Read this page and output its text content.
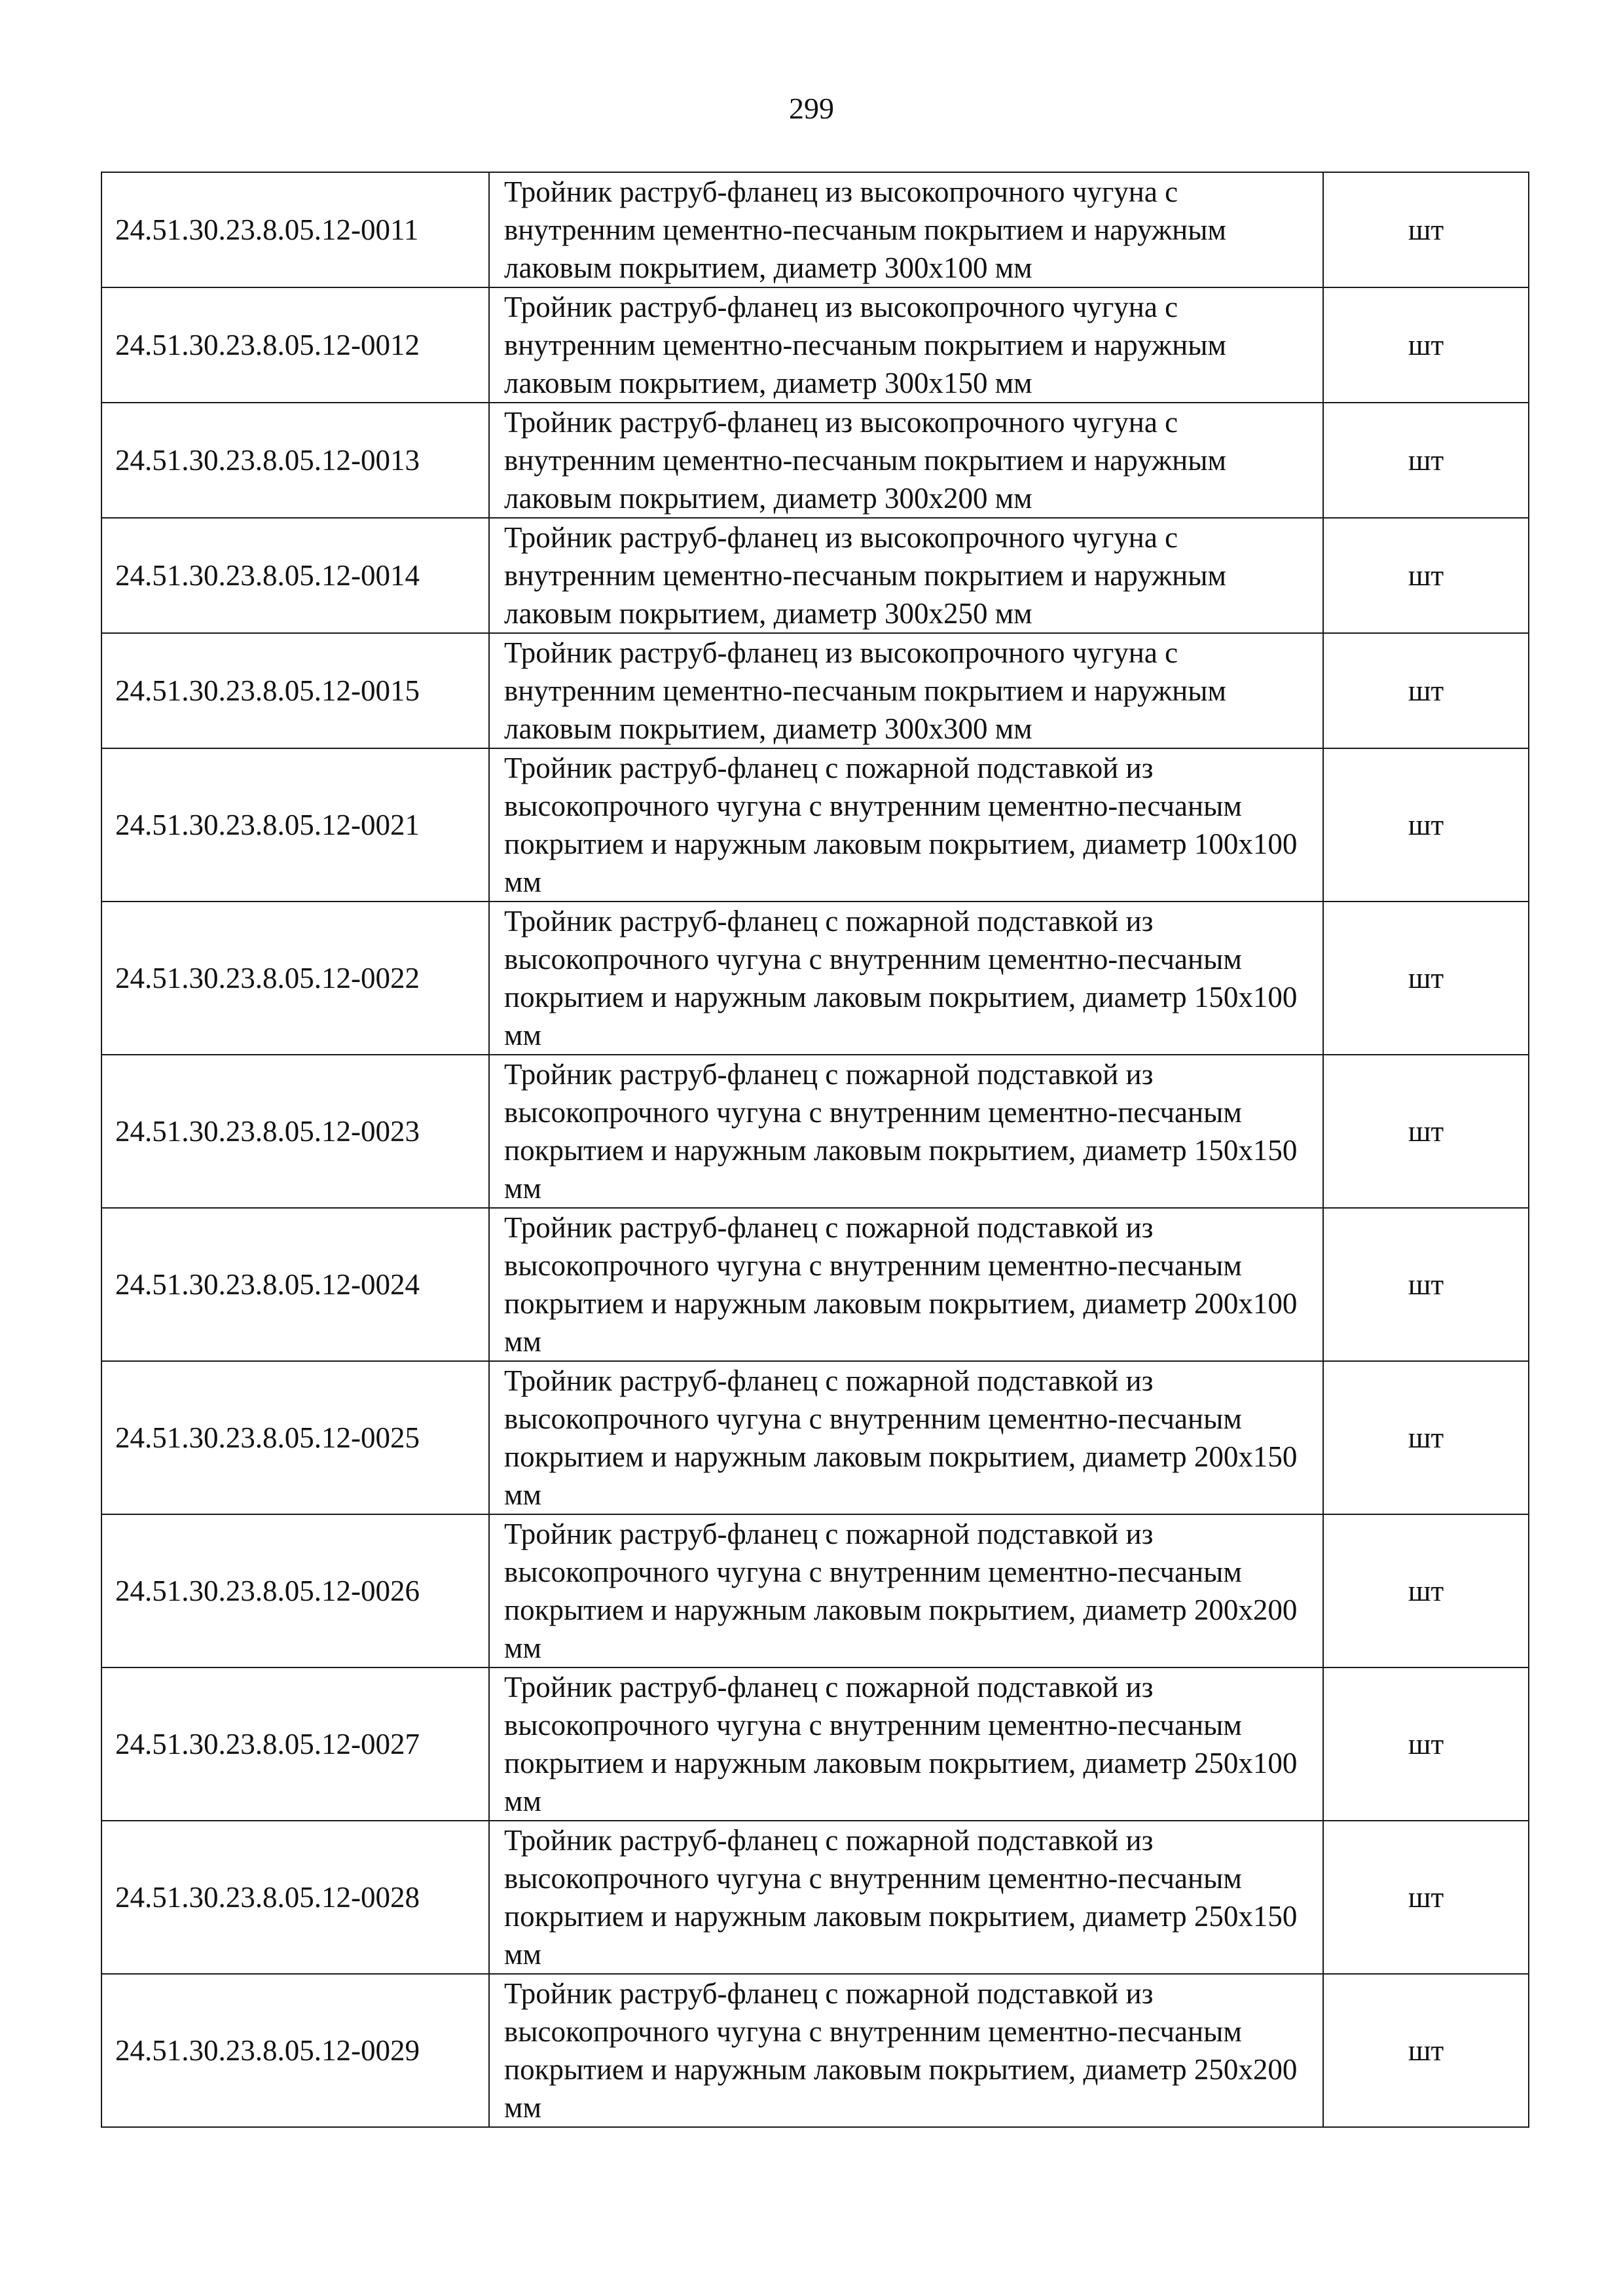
299
24.51.30.23.8.05.12-0011	Тройник раструб-фланец из высокопрочного чугуна с внутренним цементно-песчаным покрытием и наружным лаковым покрытием, диаметр 300х100 мм	шт
24.51.30.23.8.05.12-0012	Тройник раструб-фланец из высокопрочного чугуна с внутренним цементно-песчаным покрытием и наружным лаковым покрытием, диаметр 300х150 мм	шт
24.51.30.23.8.05.12-0013	Тройник раструб-фланец из высокопрочного чугуна с внутренним цементно-песчаным покрытием и наружным лаковым покрытием, диаметр 300х200 мм	шт
24.51.30.23.8.05.12-0014	Тройник раструб-фланец из высокопрочного чугуна с внутренним цементно-песчаным покрытием и наружным лаковым покрытием, диаметр 300х250 мм	шт
24.51.30.23.8.05.12-0015	Тройник раструб-фланец из высокопрочного чугуна с внутренним цементно-песчаным покрытием и наружным лаковым покрытием, диаметр 300х300 мм	шт
24.51.30.23.8.05.12-0021	Тройник раструб-фланец с пожарной подставкой из высокопрочного чугуна с внутренним цементно-песчаным покрытием и наружным лаковым покрытием, диаметр 100х100 мм	шт
24.51.30.23.8.05.12-0022	Тройник раструб-фланец с пожарной подставкой из высокопрочного чугуна с внутренним цементно-песчаным покрытием и наружным лаковым покрытием, диаметр 150х100 мм	шт
24.51.30.23.8.05.12-0023	Тройник раструб-фланец с пожарной подставкой из высокопрочного чугуна с внутренним цементно-песчаным покрытием и наружным лаковым покрытием, диаметр 150х150 мм	шт
24.51.30.23.8.05.12-0024	Тройник раструб-фланец с пожарной подставкой из высокопрочного чугуна с внутренним цементно-песчаным покрытием и наружным лаковым покрытием, диаметр 200х100 мм	шт
24.51.30.23.8.05.12-0025	Тройник раструб-фланец с пожарной подставкой из высокопрочного чугуна с внутренним цементно-песчаным покрытием и наружным лаковым покрытием, диаметр 200х150 мм	шт
24.51.30.23.8.05.12-0026	Тройник раструб-фланец с пожарной подставкой из высокопрочного чугуна с внутренним цементно-песчаным покрытием и наружным лаковым покрытием, диаметр 200х200 мм	шт
24.51.30.23.8.05.12-0027	Тройник раструб-фланец с пожарной подставкой из высокопрочного чугуна с внутренним цементно-песчаным покрытием и наружным лаковым покрытием, диаметр 250х100 мм	шт
24.51.30.23.8.05.12-0028	Тройник раструб-фланец с пожарной подставкой из высокопрочного чугуна с внутренним цементно-песчаным покрытием и наружным лаковым покрытием, диаметр 250х150 мм	шт
24.51.30.23.8.05.12-0029	Тройник раструб-фланец с пожарной подставкой из высокопрочного чугуна с внутренним цементно-песчаным покрытием и наружным лаковым покрытием, диаметр 250х200 мм	шт
